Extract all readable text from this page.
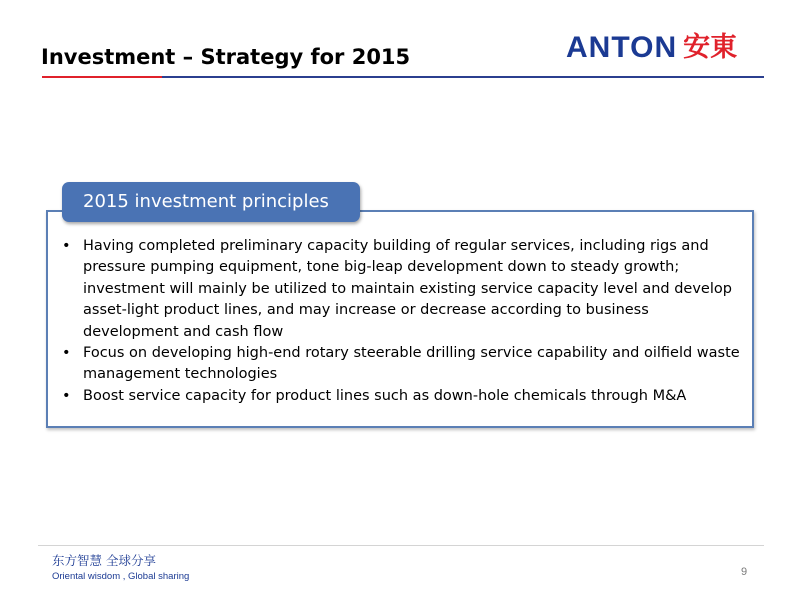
Investment – Strategy for 2015	ANTON 安東
2015 investment principles
• Having completed preliminary capacity building of regular services, including rigs and pressure pumping equipment, tone big-leap development down to steady growth; investment will mainly be utilized to maintain existing service capacity level and develop asset-light product lines, and may increase or decrease according to business development and cash flow
• Focus on developing high-end rotary steerable drilling service capability and oilfield waste management technologies
• Boost service capacity for product lines such as down-hole chemicals through M&A
东方智慧 全球分享
Oriental wisdom , Global sharing	9
